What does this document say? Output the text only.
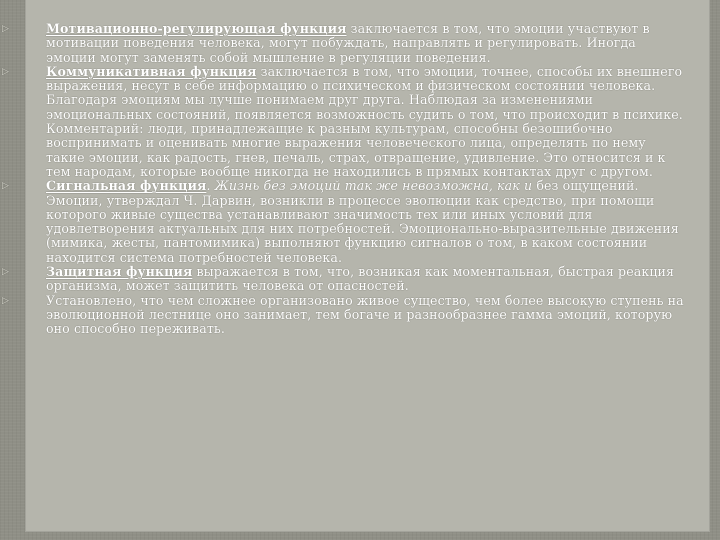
▷	Мотивационно-регулирующая функция заключается в том, что эмоции участвуют в мотивации поведения человека, могут побуждать, направлять и регулировать. Иногда эмоции могут заменять собой мышление в регуляции поведения.
▷	Коммуникативная функция заключается в том, что эмоции, точнее, способы их внешнего выражения, несут в себе информацию о психическом и физическом состоянии человека. Благодаря эмоциям мы лучше понимаем друг друга. Наблюдая за изменениями эмоциональных состояний, появляется возможность судить о том, что происходит в психике. Комментарий: люди, принадлежащие к разным культурам, способны безошибочно воспринимать и оценивать многие выражения человеческого лица, определять по нему такие эмоции, как радость, гнев, печаль, страх, отвращение, удивление. Это относится и к тем народам, которые вообще никогда не находились в прямых контактах друг с другом.
▷	Сигнальная функция. Жизнь без эмоций так же невозможна, как и без ощущений. Эмоции, утверждал Ч. Дарвин, возникли в процессе эволюции как средство, при помощи которого живые существа устанавливают значимость тех или иных условий для удовлетворения актуальных для них потребностей. Эмоционально-выразительные движения (мимика, жесты, пантомимика) выполняют функцию сигналов о том, в каком состоянии находится система потребностей человека.
▷	Защитная функция выражается в том, что, возникая как моментальная, быстрая реакция организма, может защитить человека от опасностей.
▷	Установлено, что чем сложнее организовано живое существо, чем более высокую ступень на эволюционной лестнице оно занимает, тем богаче и разнообразнее гамма эмоций, которую оно способно переживать.
